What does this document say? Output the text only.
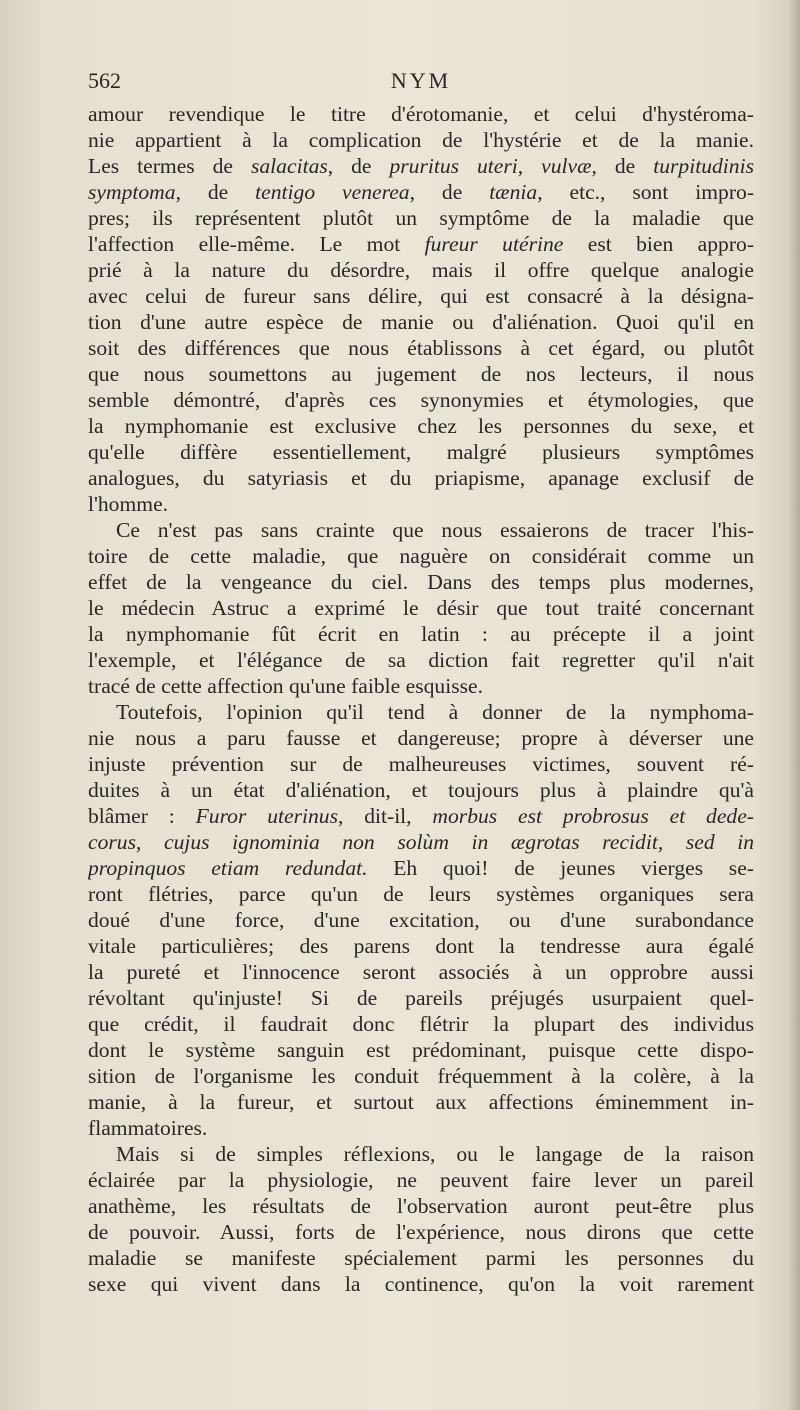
562	NYM
amour revendique le titre d'érotomanie, et celui d'hystéroma-
nie appartient à la complication de l'hystérie et de la manie.
Les termes de salacitas, de pruritus uteri, vulvæ, de turpitudinis
symptoma, de tentigo venerea, de tænia, etc., sont impro-
pres; ils représentent plutôt un symptôme de la maladie que
l'affection elle-même. Le mot fureur utérine est bien appro-
prié à la nature du désordre, mais il offre quelque analogie
avec celui de fureur sans délire, qui est consacré à la désigna-
tion d'une autre espèce de manie ou d'aliénation. Quoi qu'il en
soit des différences que nous établissons à cet égard, ou plutôt
que nous soumettons au jugement de nos lecteurs, il nous
semble démontré, d'après ces synonymies et étymologies, que
la nymphomanie est exclusive chez les personnes du sexe, et
qu'elle diffère essentiellement, malgré plusieurs symptômes
analogues, du satyriasis et du priapisme, apanage exclusif de
l'homme.
Ce n'est pas sans crainte que nous essaierons de tracer l'his-
toire de cette maladie, que naguère on considérait comme un
effet de la vengeance du ciel. Dans des temps plus modernes,
le médecin Astruc a exprimé le désir que tout traité concernant
la nymphomanie fût écrit en latin : au précepte il a joint
l'exemple, et l'élégance de sa diction fait regretter qu'il n'ait
tracé de cette affection qu'une faible esquisse.
Toutefois, l'opinion qu'il tend à donner de la nymphoma-
nie nous a paru fausse et dangereuse; propre à déverser une
injuste prévention sur de malheureuses victimes, souvent ré-
duites à un état d'aliénation, et toujours plus à plaindre qu'à
blâmer : Furor uterinus, dit-il, morbus est probrosus et dede-
corus, cujus ignominia non solùm in ægrotas recidit, sed in
propinquos etiam redundat. Eh quoi! de jeunes vierges se-
ront flétries, parce qu'un de leurs systèmes organiques sera
doué d'une force, d'une excitation, ou d'une surabondance
vitale particulières; des parens dont la tendresse aura égalé
la pureté et l'innocence seront associés à un opprobre aussi
révoltant qu'injuste! Si de pareils préjugés usurpaient quel-
que crédit, il faudrait donc flétrir la plupart des individus
dont le système sanguin est prédominant, puisque cette dispo-
sition de l'organisme les conduit fréquemment à la colère, à la
manie, à la fureur, et surtout aux affections éminemment in-
flammatoires.
Mais si de simples réflexions, ou le langage de la raison
éclairée par la physiologie, ne peuvent faire lever un pareil
anathème, les résultats de l'observation auront peut-être plus
de pouvoir. Aussi, forts de l'expérience, nous dirons que cette
maladie se manifeste spécialement parmi les personnes du
sexe qui vivent dans la continence, qu'on la voit rarement
